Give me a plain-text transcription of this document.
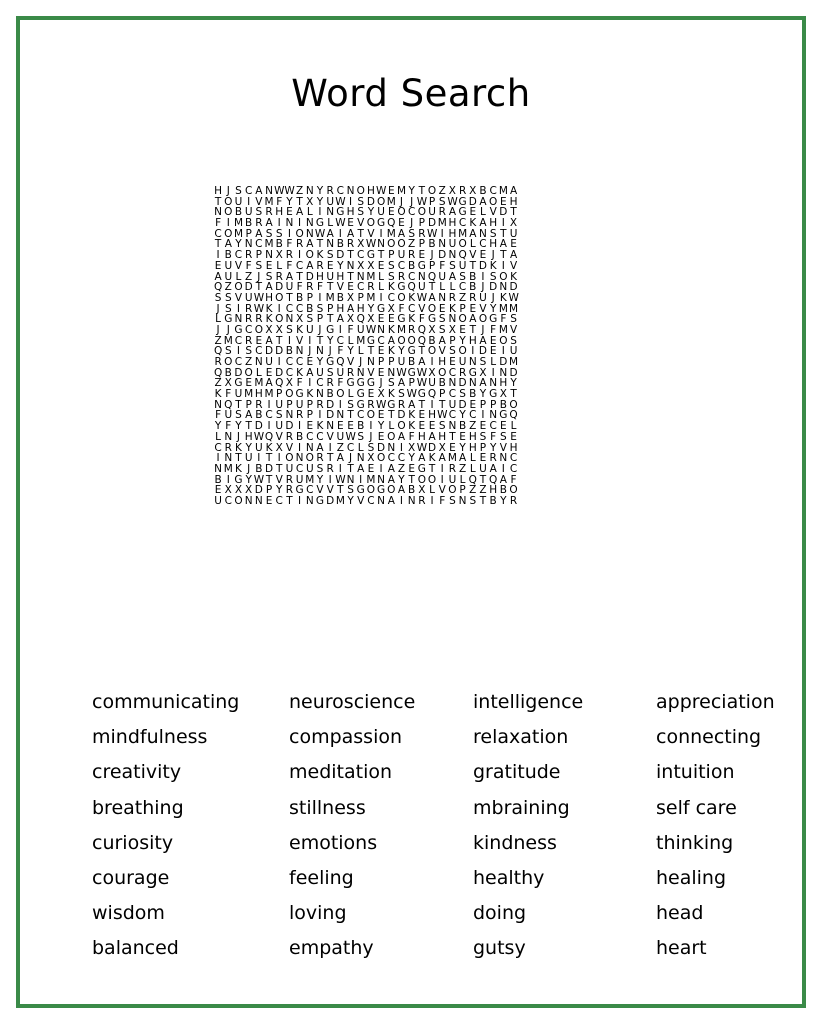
Word Search
H J S C A N W W Z N Y R C N O H W E M Y T O Z X R X B C M A
T O U I V M F Y T X Y U W I S D O M J J W P S W G D A O E H
N O B U S R H E A L I N G H S Y U E O C O U R A G E L V D T
F I M B R A I N I N G L W E V O G Q E J P D M H C K A H I X
C O M P A S S I O N W A I A T V I M A S R W I H M A N S T U
T A Y N C M B F R A T N B R X W N O O Z P B N U O L C H A E
I B C R P N X R I O K S D T C G T P U R E J D N Q V E J T A
E U V F S E L F C A R E Y N X X E S C B G P F S U T D K I V
A U L Z J S R A T D H U H T N M L S R C N Q U A S B I S O K
Q Z O D T A D U F R F T V E C R L K G Q U T L L C B J D N D
S S V U W H O T B P I M B X P M I C O K W A N R Z R U J K W
J S I R W K I C C B S P H A H Y G X F C V O E K P E V Y M M
L G N R R K O N X S P T A X Q X E E G K F G S N O A O G F S
J J G C O X X S K U J G I F U W N K M R Q X S X E T J F M V
Z M C R E A T I V I T Y C L M G C A O O Q B A P Y H A E O S
Q S I S C D D B N J N J F Y L T E K Y G T O V S O I D E I U
R O C Z N U I C C E Y G Q V J N P P U B A I H E U N S L D M
Q B D O L E D C K A U S U R N V E N W G W X O C R G X I N D
Z X G E M A Q X F I C R F G G G J S A P W U B N D N A N H Y
K F U M H M P O G K N B O L G E X K S W G Q P C S B Y G X T
N Q T P R I U P U P R D I S G R W G R A T I T U D E P P B O
F U S A B C S N R P I D N T C O E T D K E H W C Y C I N G Q
Y F Y T D I U D I E K N E E B I Y L O K E E S N B Z E C E L
L N J H W Q V R B C C V U W S J E O A F H A H T E H S F S E
C R K Y U K X V I N A I Z C L S D N I X W D X E Y H P Y V H
I N T U I T I O N O R T A J N X O C C Y A K A M A L E R N C
N M K J B D T U C U S R I T A E I A Z E G T I R Z L U A I C
B I G Y W T V R U M Y I W N I M N A Y T O O I U L Q T Q A F
E X X X D P Y R G C V V T S G O G O A B X L V O P Z Z H B O
U C O N N E C T I N G D M Y V C N A I N R I F S N S T B Y R
communicating	neuroscience	intelligence	appreciation
mindfulness	compassion	relaxation	connecting
creativity	meditation	gratitude	intuition
breathing	stillness	mbraining	self care
curiosity	emotions	kindness	thinking
courage	feeling	healthy	healing
wisdom	loving	doing	head
balanced	empathy	gutsy	heart
